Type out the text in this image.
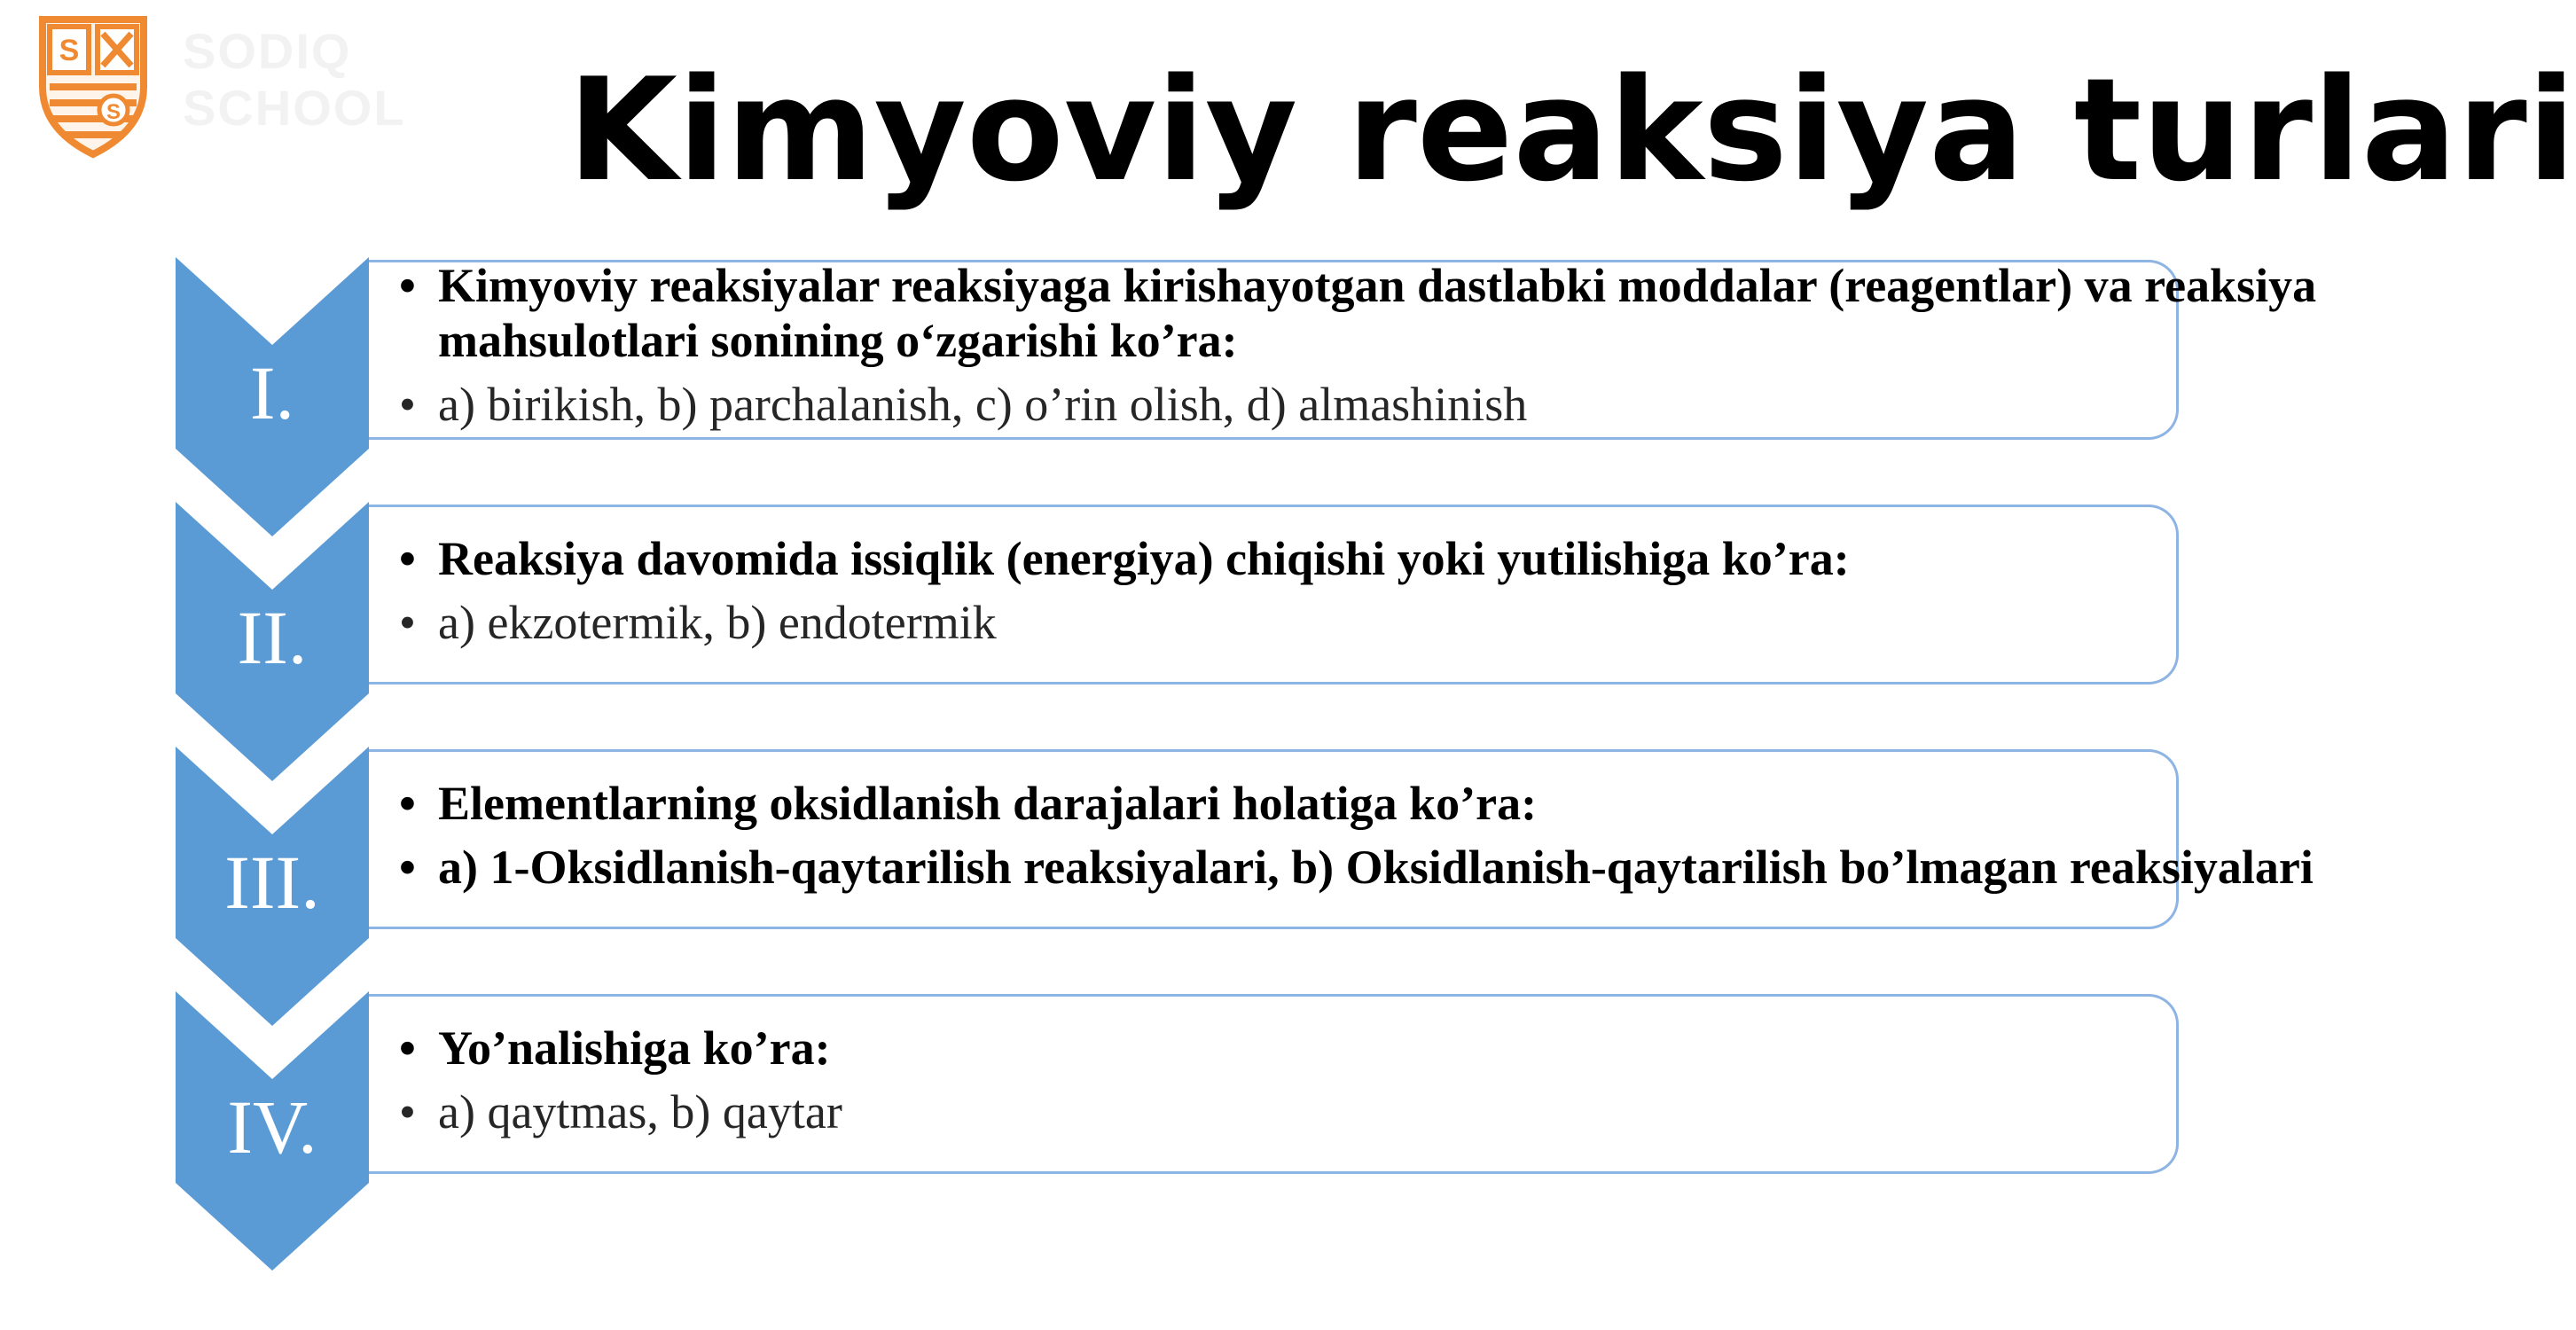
S
S
SODIQ
SCHOOL Kimyoviy reaksiya turlari
I.
• Kimyoviy reaksiyalar reaksiyaga kirishayotgan dastlabki moddalar (reagentlar) va reaksiya
mahsulotlari sonining o‘zgarishi ko’ra:
• a) birikish, b) parchalanish, c) o’rin olish, d) almashinish
II.
• Reaksiya davomida issiqlik (energiya) chiqishi yoki yutilishiga ko’ra:
• a) ekzotermik, b) endotermik
III.
• Elementlarning oksidlanish darajalari holatiga ko’ra:
• a) 1-Oksidlanish-qaytarilish reaksiyalari, b) Oksidlanish-qaytarilish bo’lmagan reaksiyalari
IV.
• Yo’nalishiga ko’ra:
• a) qaytmas, b) qaytar
